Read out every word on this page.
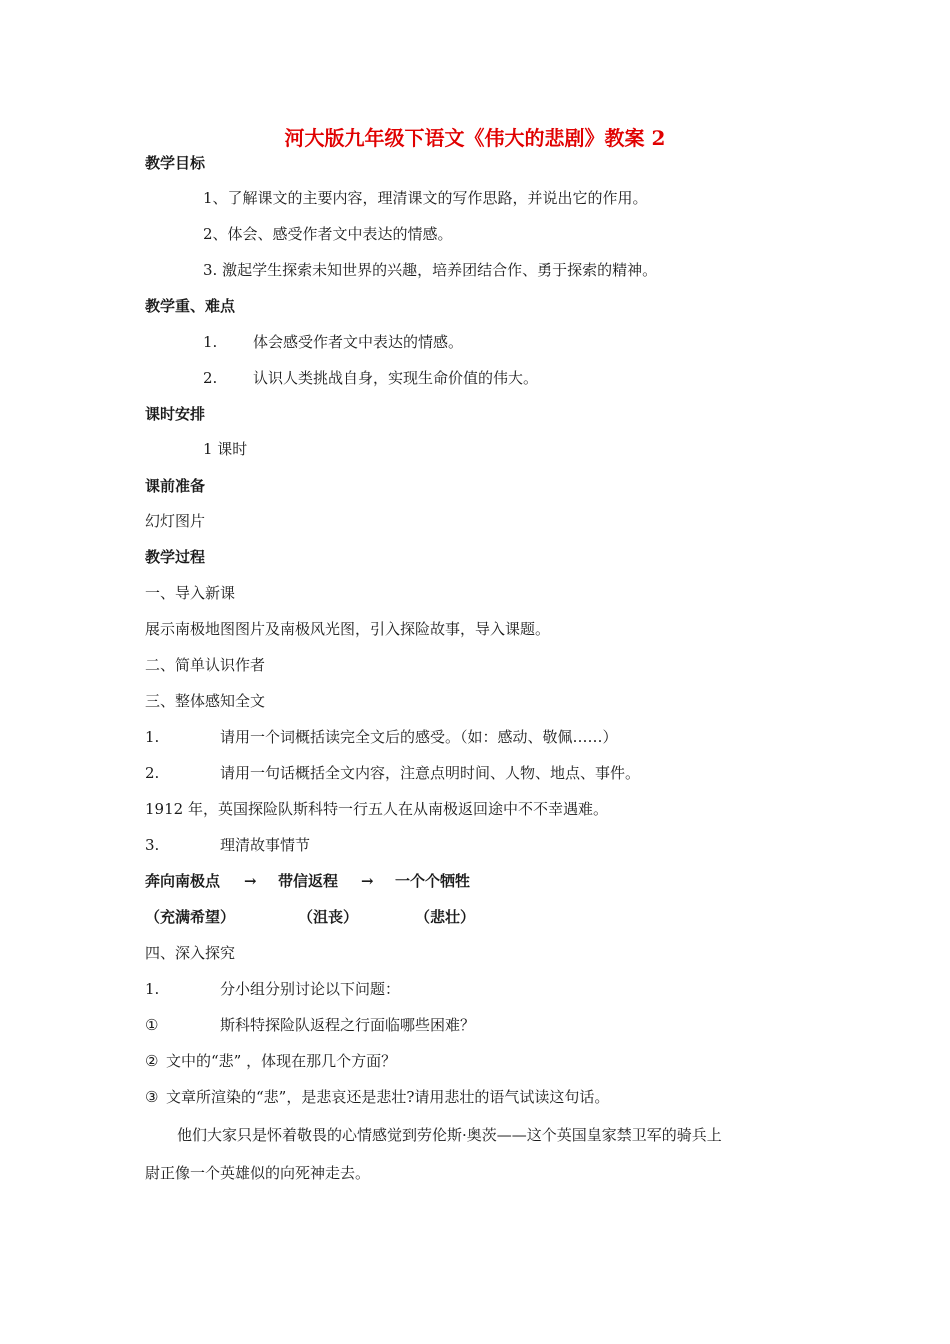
河大版九年级下语文《伟大的悲剧》教案 2
教学目标
1、了解课文的主要内容，理清课文的写作思路，并说出它的作用。
2、体会、感受作者文中表达的情感。
3. 激起学生探索未知世界的兴趣，培养团结合作、勇于探索的精神。
教学重、难点
1. 体会感受作者文中表达的情感。
2. 认识人类挑战自身，实现生命价值的伟大。
课时安排
1 课时
课前准备
幻灯图片
教学过程
一、导入新课
展示南极地图图片及南极风光图，引入探险故事，导入课题。
二、简单认识作者
三、整体感知全文
1.	请用一个词概括读完全文后的感受。（如：感动、敬佩……）
2.	请用一句话概括全文内容，注意点明时间、人物、地点、事件。
1912 年，英国探险队斯科特一行五人在从南极返回途中不不幸遇难。
3.	理清故事情节
奔向南极点 → 带信返程 → 一个个牺牲
（充满希望）	（沮丧）	（悲壮）
四、深入探究
1.	分小组分别讨论以下问题：
①	斯科特探险队返程之行面临哪些困难？
② 文中的“悲” ，体现在那几个方面？
③ 文章所渲染的“悲”，是悲哀还是悲壮?请用悲壮的语气试读这句话。
他们大家只是怀着敬畏的心情感觉到劳伦斯·奥茨——这个英国皇家禁卫军的骑兵上
尉正像一个英雄似的向死神走去。
